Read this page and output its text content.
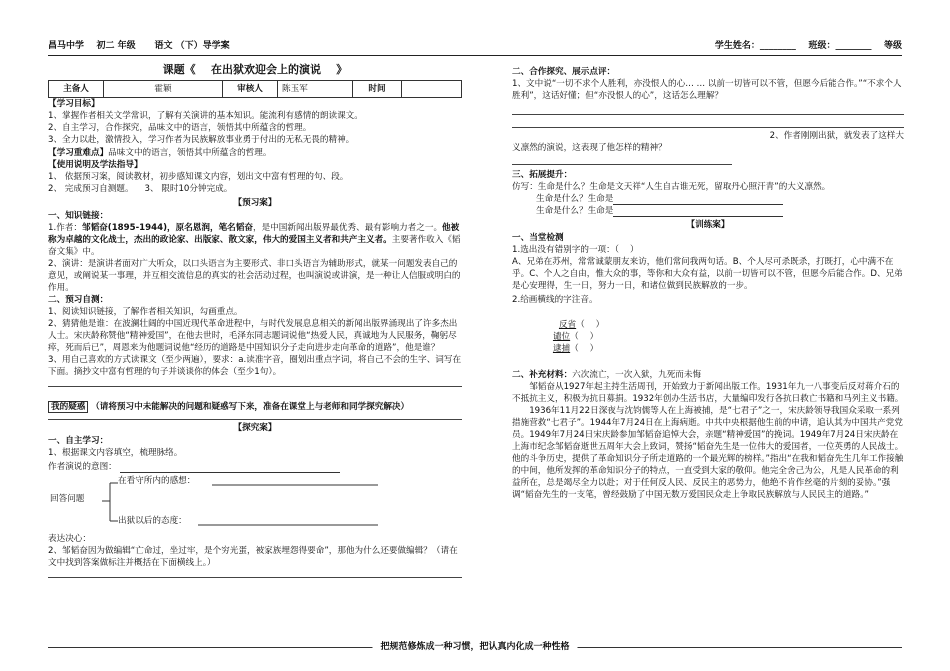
昌马中学    初二 年级      语文 （下）导学案	学生姓名：________    班级：________    等级
课题《    在出狱欢迎会上的演说    》
主备人	霍颖	审核人	陈玉军	时间	
【学习目标】
1、掌握作者相关文学常识，了解有关演讲的基本知识。能流利有感情的朗读课文。
2、自主学习，合作探究，品味文中的语言，领悟其中所蕴含的哲理。
3、全力以赴，激情投入，学习作者为民族解放事业勇于付出的无私无畏的精神。
【学习重难点】品味文中的语言，领悟其中所蕴含的哲理。
【使用说明及学法指导】
1、 依据预习案，阅读教材，初步感知课文内容，划出文中富有哲理的句、段。
2、 完成预习自测题。    3、 限时10分钟完成。
【预习案】
一、知识链接：
1.作者：邹韬奋(1895-1944)，原名恩润，笔名韬奋，是中国新闻出版界最优秀、最有影响力者之一。他被称为卓越的文化战士，杰出的政论家、出版家、散文家，伟大的爱国主义者和共产主义者。主要著作收入《韬奋文集》中。
2、演讲：是演讲者面对广大听众，以口头语言为主要形式、非口头语言为辅助形式，就某一问题发表自己的意见，或阐说某一事理，并互相交流信息的真实的社会活动过程，也叫演说或讲演，是一种让人信服或明白的作用。
二、预习自测：
1、阅读知识链接，了解作者相关知识，勾画重点。
2、猜猜他是谁：在波澜壮阔的中国近现代革命进程中，与时代发展息息相关的新闻出版界涌现出了许多杰出人士。宋庆龄称赞他“精神爱国”，在他去世时，毛泽东同志题词说他“热爱人民，真诚地为人民服务，鞠躬尽瘁，死而后已”，周恩来为他题词说他“经历的道路是中国知识分子走向进步走向革命的道路”，他是谁？
3、用自己喜欢的方式读课文（至少两遍），要求：a.读准字音，圈划出重点字词，将自己不会的生字、词写在下面。摘抄文中富有哲理的句子并谈谈你的体会（至少1句）。
我的疑惑 （请将预习中未能解决的问题和疑惑写下来，准备在课堂上与老师和同学探究解决）
【探究案】
一、自主学习：
1、根据课文内容填空，梳理脉络。
作者演说的意图：
在看守所内的感想：
回答问题
出狱以后的态度：
表达决心：
2、邹韬奋因为做编辑“亡命过，坐过牢，是个穷光蛋，被家族埋怨得要命”，那他为什么还要做编辑？（请在文中找到答案做标注并概括在下面横线上。）
二、合作探究、展示点评：
1、文中说“一切不求个人胜利，亦没恨人的心… … 以前一切皆可以不管，但愿今后能合作。”“不求个人胜利”，这话好懂；但“亦没恨人的心”，这话怎么理解？
2、作者刚刚出狱，就发表了这样大
义凛然的演说，这表现了他怎样的精神？
三、拓展提升：
仿写：生命是什么？生命是文天祥“人生自古谁无死，留取丹心照汗青”的大义凛然。
生命是什么？生命是
生命是什么？生命是
【训练案】
一、当堂检测
1.选出没有错别字的一项：（    ）
A、兄弟在苏州，常常诚蒙朋友来访，他们常问我两句话。B、个人尽可杀既杀，打既打，心中满不在乎。C、个人之自由，惟大众的事，等你和大众有益，以前一切皆可以不管，但愿今后能合作。D、兄弟是心安理得，生一日，努力一日，和诸位做到民族解放的一步。
2.给画横线的字注音。

反省（    ）
谴位（    ）
逮捕（    ）

二、补充材料：六次流亡，一次入狱，九死而未悔
邹韬奋从1927年起主持生活周刊，开始致力于新闻出版工作。1931年九一八事变后反对蒋介石的不抵抗主义，积极为抗日募捐。1932年创办生活书店，大量编印发行各抗日救亡书籍和马列主义书籍。
1936年11月22日深夜与沈钧儒等人在上海被捕，是“七君子”之一，宋庆龄领导我国众采取一系列措施营救“七君子”。1944年7月24日在上海病逝。中共中央根据他生前的申请，追认其为中国共产党党员。1949年7月24日宋庆龄参加邹韬奋追悼大会，亲题“精神爱国”的挽词。1949年7月24日宋庆龄在上海市纪念邹韬奋逝世五周年大会上致词，赞扬“韬奋先生是一位伟大的爱国者，一位英勇的人民战士。他的斗争历史，提供了革命知识分子所走道路的一个最光辉的榜样。”指出“在我和韬奋先生几年工作接触的中间，他所发挥的革命知识分子的特点，一直受到大家的敬仰。他完全舍己为公，凡是人民革命的利益所在，总是竭尽全力以赴；对于任何反人民、反民主的恶势力，他绝不肯作丝毫的片刻的妥协。”强调“韬奋先生的一支笔，曾经鼓励了中国无数万爱国民众走上争取民族解放与人民民主的道路。”
把规范修炼成一种习惯，把认真内化成一种性格
